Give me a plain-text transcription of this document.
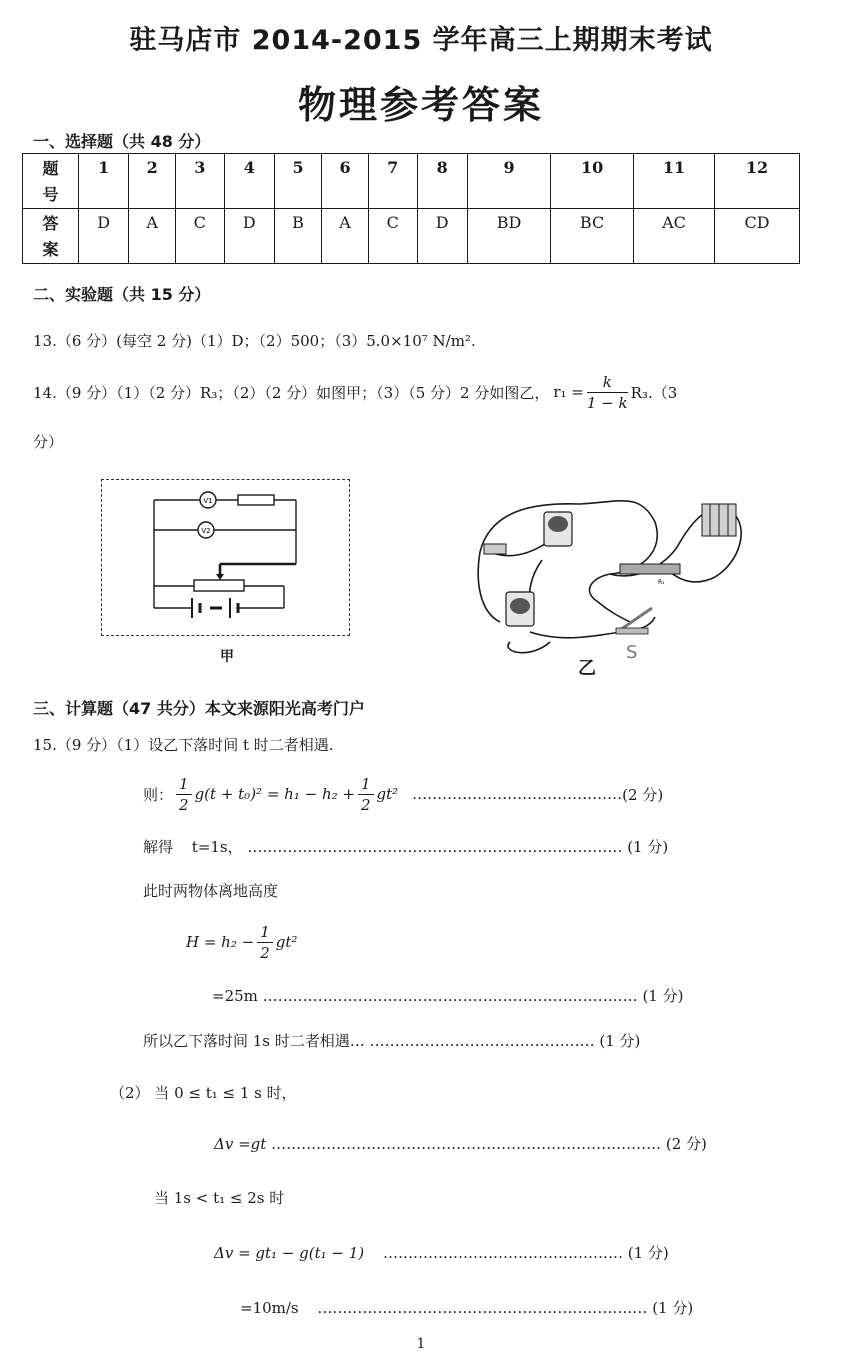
驻马店市 2014-2015 学年高三上期期末考试
物理参考答案
一、选择题（共 48 分）
题
号	1	2	3	4	5	6	7	8	9	10	11	12
答
案	D	A	C	D	B	A	C	D	BD	BC	AC	CD
二、实验题（共 15 分）
13.（6 分）(每空 2 分)（1）D；（2）500；（3）5.0×10⁷ N/m².
14.（9 分）（1）（2 分）R₃；（2）（2 分）如图甲；（3）（5 分）2 分如图乙， $r_1 = \frac{k}{1 - k} R_3.(3$
分）
V1
V2
甲
R₁
S
乙
三、计算题（47 共分）本文来源阳光高考门户
15.（9 分）（1）设乙下落时间 t 时二者相遇.
则： $\frac{1}{2} g(t + t_0)^2 = h_1 - h_2 + \frac{1}{2} gt^2$ …………………………………… (2 分)
解得 t=1s， ………………………………………………………………… (1 分)
此时两物体离地高度
$H = h_2 - \frac{1}{2} gt^2$
=25m ………………………………………………………………… (1 分)
所以乙下落时间 1s 时二者相遇… ……………………………………… (1 分)
（2） 当 0 ≤ t₁ ≤ 1 s 时，
Δv =gt …………………………………………………………………… (2 分)
当 1s < t₁ ≤ 2s 时
Δv = gt₁ − g(t₁ − 1) ………………………………………… (1 分)
=10m/s ………………………………………………………… (1 分)
1
